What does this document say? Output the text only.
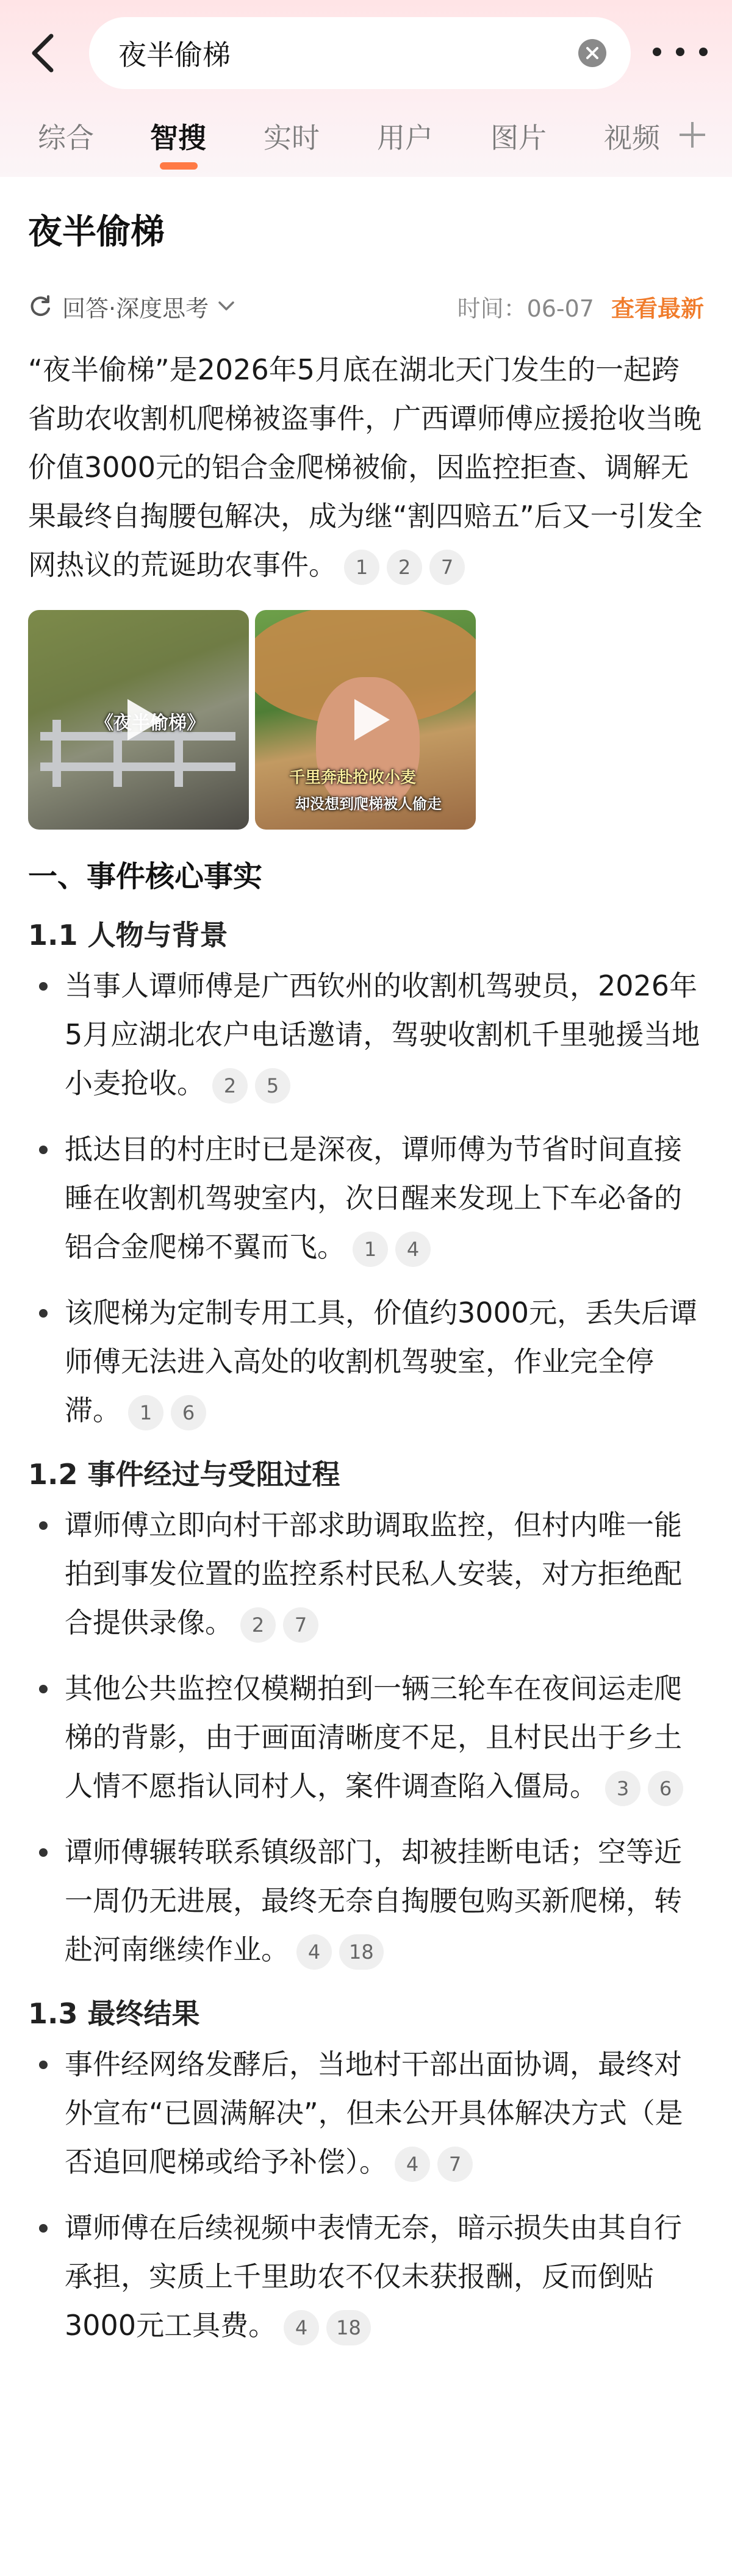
夜半偷梯
综合 智搜 实时 用户 图片 视频
夜半偷梯
回答·深度思考	时间：06-07 查看最新

“夜半偷梯”是2026年5月底在湖北天门发生的一起跨省助农收割机爬梯被盗事件，广西谭师傅应援抢收当晚价值3000元的铝合金爬梯被偷，因监控拒查、调解无果最终自掏腰包解决，成为继“割四赔五”后又一引发全网热议的荒诞助农事件。 1 2 7

《夜半偷梯》
千里奔赴抢收小麦
却没想到爬梯被人偷走
一、事件核心事实
1.1 人物与背景
当事人谭师傅是广西钦州的收割机驾驶员，2026年5月应湖北农户电话邀请，驾驶收割机千里驰援当地小麦抢收。 2 5
抵达目的村庄时已是深夜，谭师傅为节省时间直接睡在收割机驾驶室内，次日醒来发现上下车必备的铝合金爬梯不翼而飞。 1 4
该爬梯为定制专用工具，价值约3000元，丢失后谭师傅无法进入高处的收割机驾驶室，作业完全停滞。 1 6
1.2 事件经过与受阻过程
谭师傅立即向村干部求助调取监控，但村内唯一能拍到事发位置的监控系村民私人安装，对方拒绝配合提供录像。 2 7
其他公共监控仅模糊拍到一辆三轮车在夜间运走爬梯的背影，由于画面清晰度不足，且村民出于乡土人情不愿指认同村人，案件调查陷入僵局。 3 6
谭师傅辗转联系镇级部门，却被挂断电话；空等近一周仍无进展，最终无奈自掏腰包购买新爬梯，转赴河南继续作业。 4 18
1.3 最终结果
事件经网络发酵后，当地村干部出面协调，最终对外宣布“已圆满解决”，但未公开具体解决方式（是否追回爬梯或给予补偿）。 4 7
谭师傅在后续视频中表情无奈，暗示损失由其自行承担，实质上千里助农不仅未获报酬，反而倒贴3000元工具费。 4 18
